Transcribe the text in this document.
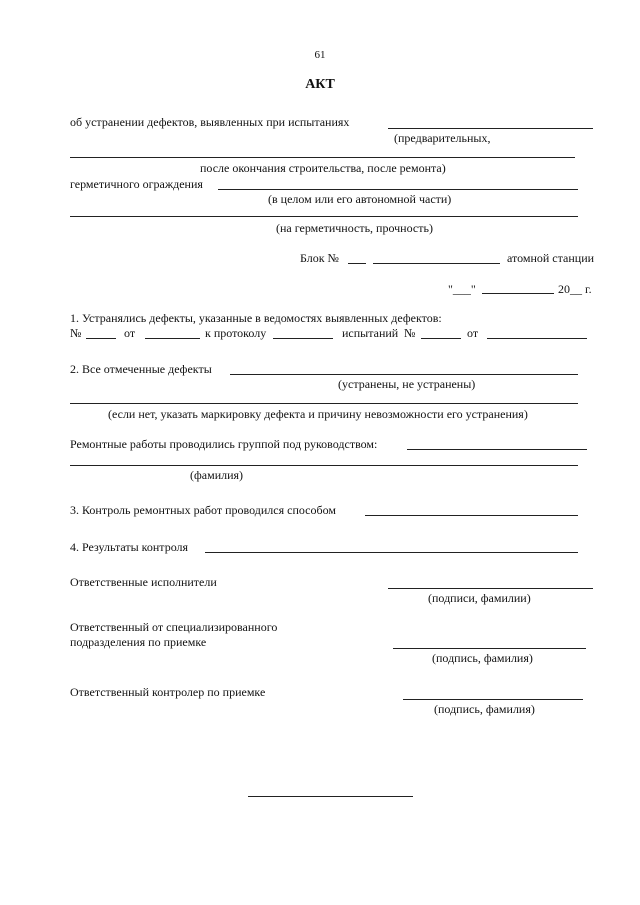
61
АКТ
об устранении дефектов, выявленных при испытаниях
(предварительных,
после окончания строительства, после ремонта)
герметичного ограждения
(в целом или его автономной части)
(на герметичность, прочность)
Блок №	атомной станции
"___"	20__ г.
1. Устранялись дефекты, указанные в ведомостях выявленных дефектов:
№	от	к протоколу	испытаний №	от
2. Все отмеченные дефекты
(устранены, не устранены)
(если нет, указать маркировку дефекта и причину невозможности его устранения)
Ремонтные работы проводились группой под руководством:
(фамилия)
3. Контроль ремонтных работ проводился способом
4. Результаты контроля
Ответственные исполнители
(подписи, фамилии)
Ответственный от специализированного
подразделения по приемке
(подпись, фамилия)
Ответственный контролер по приемке
(подпись, фамилия)
